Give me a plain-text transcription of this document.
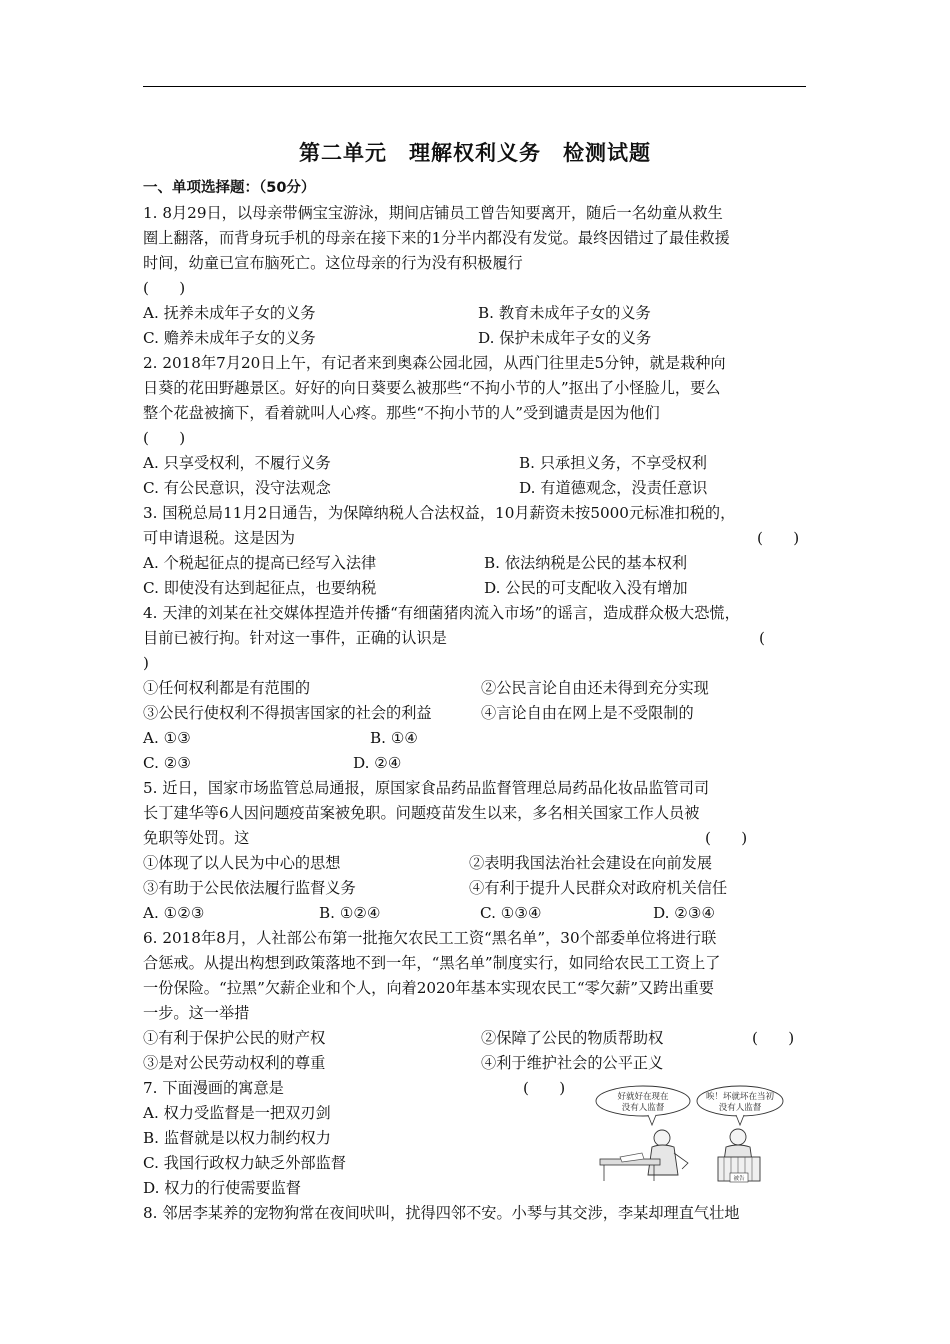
第二单元　理解权利义务　检测试题
一、单项选择题：（50分）
1. 8月29日，以母亲带俩宝宝游泳，期间店铺员工曾告知要离开，随后一名幼童从救生
圈上翻落，而背身玩手机的母亲在接下来的1分半内都没有发觉。最终因错过了最佳救援
时间，幼童已宣布脑死亡。这位母亲的行为没有积极履行
(　　)
A. 抚养未成年子女的义务	B. 教育未成年子女的义务
C. 赡养未成年子女的义务	D. 保护未成年子女的义务
2. 2018年7月20日上午，有记者来到奥森公园北园，从西门往里走5分钟，就是栽种向
日葵的花田野趣景区。好好的向日葵要么被那些“不拘小节的人”抠出了小怪脸儿，要么
整个花盘被摘下，看着就叫人心疼。那些“不拘小节的人”受到谴责是因为他们
(　　)
A. 只享受权利，不履行义务	B. 只承担义务，不享受权利
C. 有公民意识，没守法观念	D. 有道德观念，没责任意识
3. 国税总局11月2日通告，为保障纳税人合法权益，10月薪资未按5000元标准扣税的，
可申请退税。这是因为	(　　)
A. 个税起征点的提高已经写入法律	B. 依法纳税是公民的基本权利
C. 即使没有达到起征点，也要纳税	D. 公民的可支配收入没有增加
4. 天津的刘某在社交媒体捏造并传播“有细菌猪肉流入市场”的谣言，造成群众极大恐慌，
目前已被行拘。针对这一事件，正确的认识是	(
)
①任何权利都是有范围的	②公民言论自由还未得到充分实现
③公民行使权利不得损害国家的社会的利益	④言论自由在网上是不受限制的
A. ①③	B. ①④
C. ②③	D. ②④
5. 近日，国家市场监管总局通报，原国家食品药品监督管理总局药品化妆品监管司司
长丁建华等6人因问题疫苗案被免职。问题疫苗发生以来，多名相关国家工作人员被
免职等处罚。这	(　　)
①体现了以人民为中心的思想	②表明我国法治社会建设在向前发展
③有助于公民依法履行监督义务	④有利于提升人民群众对政府机关信任
A. ①②③	B. ①②④	C. ①③④	D. ②③④
6. 2018年8月，人社部公布第一批拖欠农民工工资“黑名单”，30个部委单位将进行联
合惩戒。从提出构想到政策落地不到一年，“黑名单”制度实行，如同给农民工工资上了
一份保险。“拉黑”欠薪企业和个人，向着2020年基本实现农民工“零欠薪”又跨出重要
一步。这一举措
①有利于保护公民的财产权	②保障了公民的物质帮助权	(　　)
③是对公民劳动权利的尊重	④利于维护社会的公平正义
7. 下面漫画的寓意是	(　　)
A. 权力受监督是一把双刃剑
B. 监督就是以权力制约权力
C. 我国行政权力缺乏外部监督
D. 权力的行使需要监督
好就好在现在
没有人监督
唉！坏就坏在当初
没有人监督
被告
8. 邻居李某养的宠物狗常在夜间吠叫，扰得四邻不安。小琴与其交涉，李某却理直气壮地
